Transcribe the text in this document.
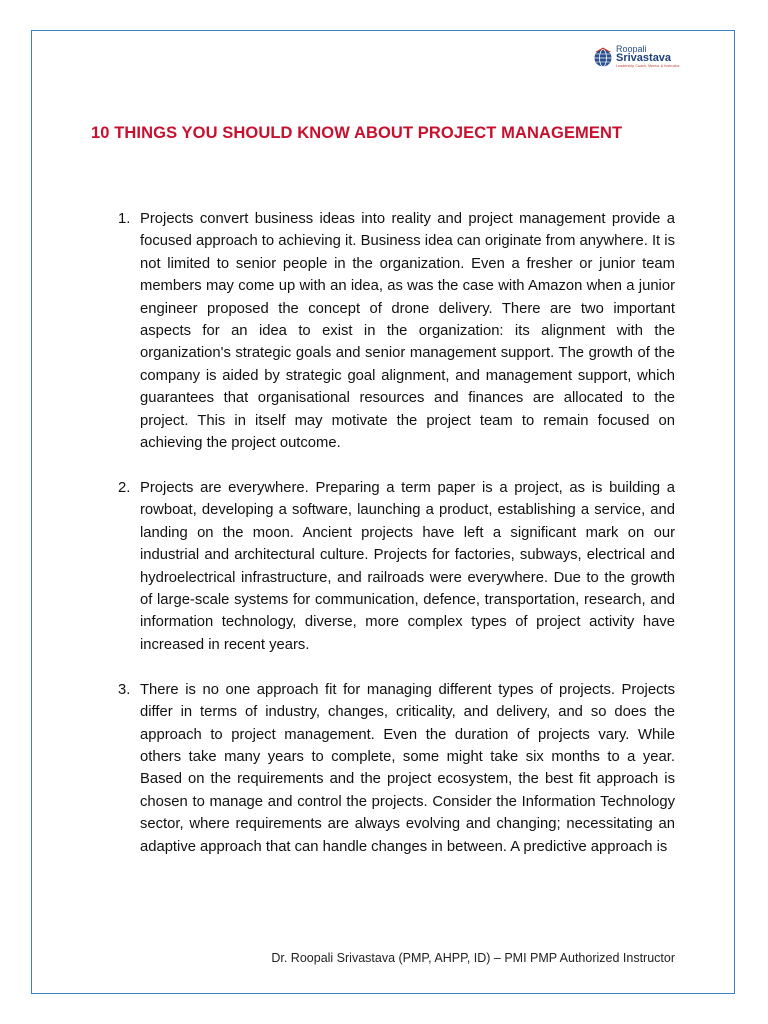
Roopali
Srivastava
Leadership Coach, Mentor & Instructor
10 THINGS YOU SHOULD KNOW ABOUT PROJECT MANAGEMENT
1. Projects convert business ideas into reality and project management provide a focused approach to achieving it. Business idea can originate from anywhere. It is not limited to senior people in the organization. Even a fresher or junior team members may come up with an idea, as was the case with Amazon when a junior engineer proposed the concept of drone delivery. There are two important aspects for an idea to exist in the organization: its alignment with the organization's strategic goals and senior management support. The growth of the company is aided by strategic goal alignment, and management support, which guarantees that organisational resources and finances are allocated to the project. This in itself may motivate the project team to remain focused on achieving the project outcome.

2. Projects are everywhere. Preparing a term paper is a project, as is building a rowboat, developing a software, launching a product, establishing a service, and landing on the moon. Ancient projects have left a significant mark on our industrial and architectural culture. Projects for factories, subways, electrical and hydroelectrical infrastructure, and railroads were everywhere. Due to the growth of large-scale systems for communication, defence, transportation, research, and information technology, diverse, more complex types of project activity have increased in recent years.

3. There is no one approach fit for managing different types of projects. Projects differ in terms of industry, changes, criticality, and delivery, and so does the approach to project management. Even the duration of projects vary. While others take many years to complete, some might take six months to a year. Based on the requirements and the project ecosystem, the best fit approach is chosen to manage and control the projects. Consider the Information Technology sector, where requirements are always evolving and changing; necessitating an adaptive approach that can handle changes in between. A predictive approach is

Dr. Roopali Srivastava (PMP, AHPP, ID) – PMI PMP Authorized Instructor
